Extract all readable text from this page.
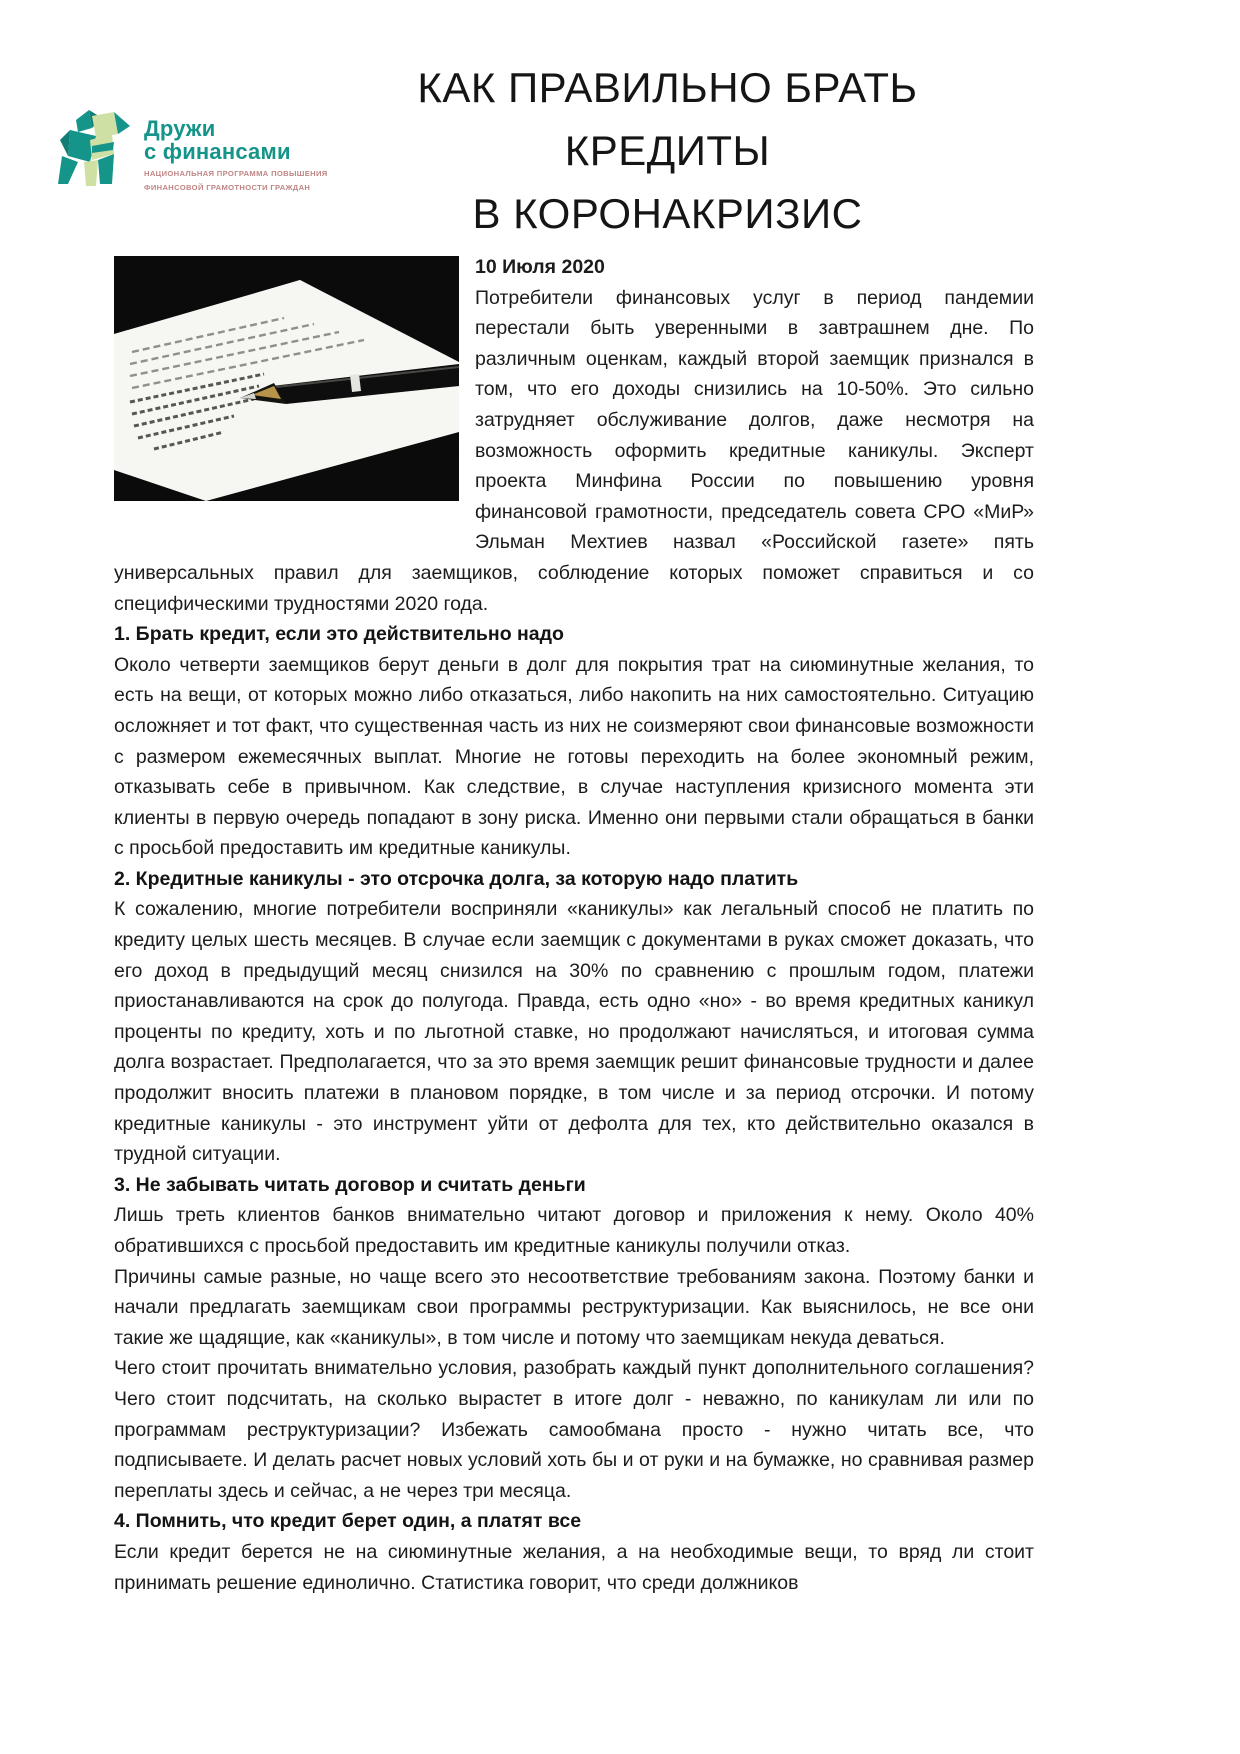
Дружи
с финансами
НАЦИОНАЛЬНАЯ ПРОГРАММА ПОВЫШЕНИЯ
ФИНАНСОВОЙ ГРАМОТНОСТИ ГРАЖДАН
КАК ПРАВИЛЬНО БРАТЬ КРЕДИТЫ
В КОРОНАКРИЗИС

10 Июля 2020

Потребители финансовых услуг в период пандемии перестали быть уверенными в завтрашнем дне. По различным оценкам, каждый второй заемщик признался в том, что его доходы снизились на 10-50%. Это сильно затрудняет обслуживание долгов, даже несмотря на возможность оформить кредитные каникулы. Эксперт проекта Минфина России по повышению уровня финансовой грамотности, председатель совета СРО «МиР» Эльман Мехтиев назвал «Российской газете» пять универсальных правил для заемщиков, соблюдение которых поможет справиться и со специфическими трудностями 2020 года.

1. Брать кредит, если это действительно надо

Около четверти заемщиков берут деньги в долг для покрытия трат на сиюминутные желания, то есть на вещи, от которых можно либо отказаться, либо накопить на них самостоятельно. Ситуацию осложняет и тот факт, что существенная часть из них не соизмеряют свои финансовые возможности с размером ежемесячных выплат. Многие не готовы переходить на более экономный режим, отказывать себе в привычном. Как следствие, в случае наступления кризисного момента эти клиенты в первую очередь попадают в зону риска. Именно они первыми стали обращаться в банки с просьбой предоставить им кредитные каникулы.

2. Кредитные каникулы - это отсрочка долга, за которую надо платить

К сожалению, многие потребители восприняли «каникулы» как легальный способ не платить по кредиту целых шесть месяцев. В случае если заемщик с документами в руках сможет доказать, что его доход в предыдущий месяц снизился на 30% по сравнению с прошлым годом, платежи приостанавливаются на срок до полугода. Правда, есть одно «но» - во время кредитных каникул проценты по кредиту, хоть и по льготной ставке, но продолжают начисляться, и итоговая сумма долга возрастает. Предполагается, что за это время заемщик решит финансовые трудности и далее продолжит вносить платежи в плановом порядке, в том числе и за период отсрочки. И потому кредитные каникулы - это инструмент уйти от дефолта для тех, кто действительно оказался в трудной ситуации.

3. Не забывать читать договор и считать деньги

Лишь треть клиентов банков внимательно читают договор и приложения к нему. Около 40% обратившихся с просьбой предоставить им кредитные каникулы получили отказ.

Причины самые разные, но чаще всего это несоответствие требованиям закона. Поэтому банки и начали предлагать заемщикам свои программы реструктуризации. Как выяснилось, не все они такие же щадящие, как «каникулы», в том числе и потому что заемщикам некуда деваться.

Чего стоит прочитать внимательно условия, разобрать каждый пункт дополнительного соглашения? Чего стоит подсчитать, на сколько вырастет в итоге долг - неважно, по каникулам ли или по программам реструктуризации? Избежать самообмана просто - нужно читать все, что подписываете. И делать расчет новых условий хоть бы и от руки и на бумажке, но сравнивая размер переплаты здесь и сейчас, а не через три месяца.

4. Помнить, что кредит берет один, а платят все

Если кредит берется не на сиюминутные желания, а на необходимые вещи, то вряд ли стоит принимать решение единолично. Статистика говорит, что среди должников
